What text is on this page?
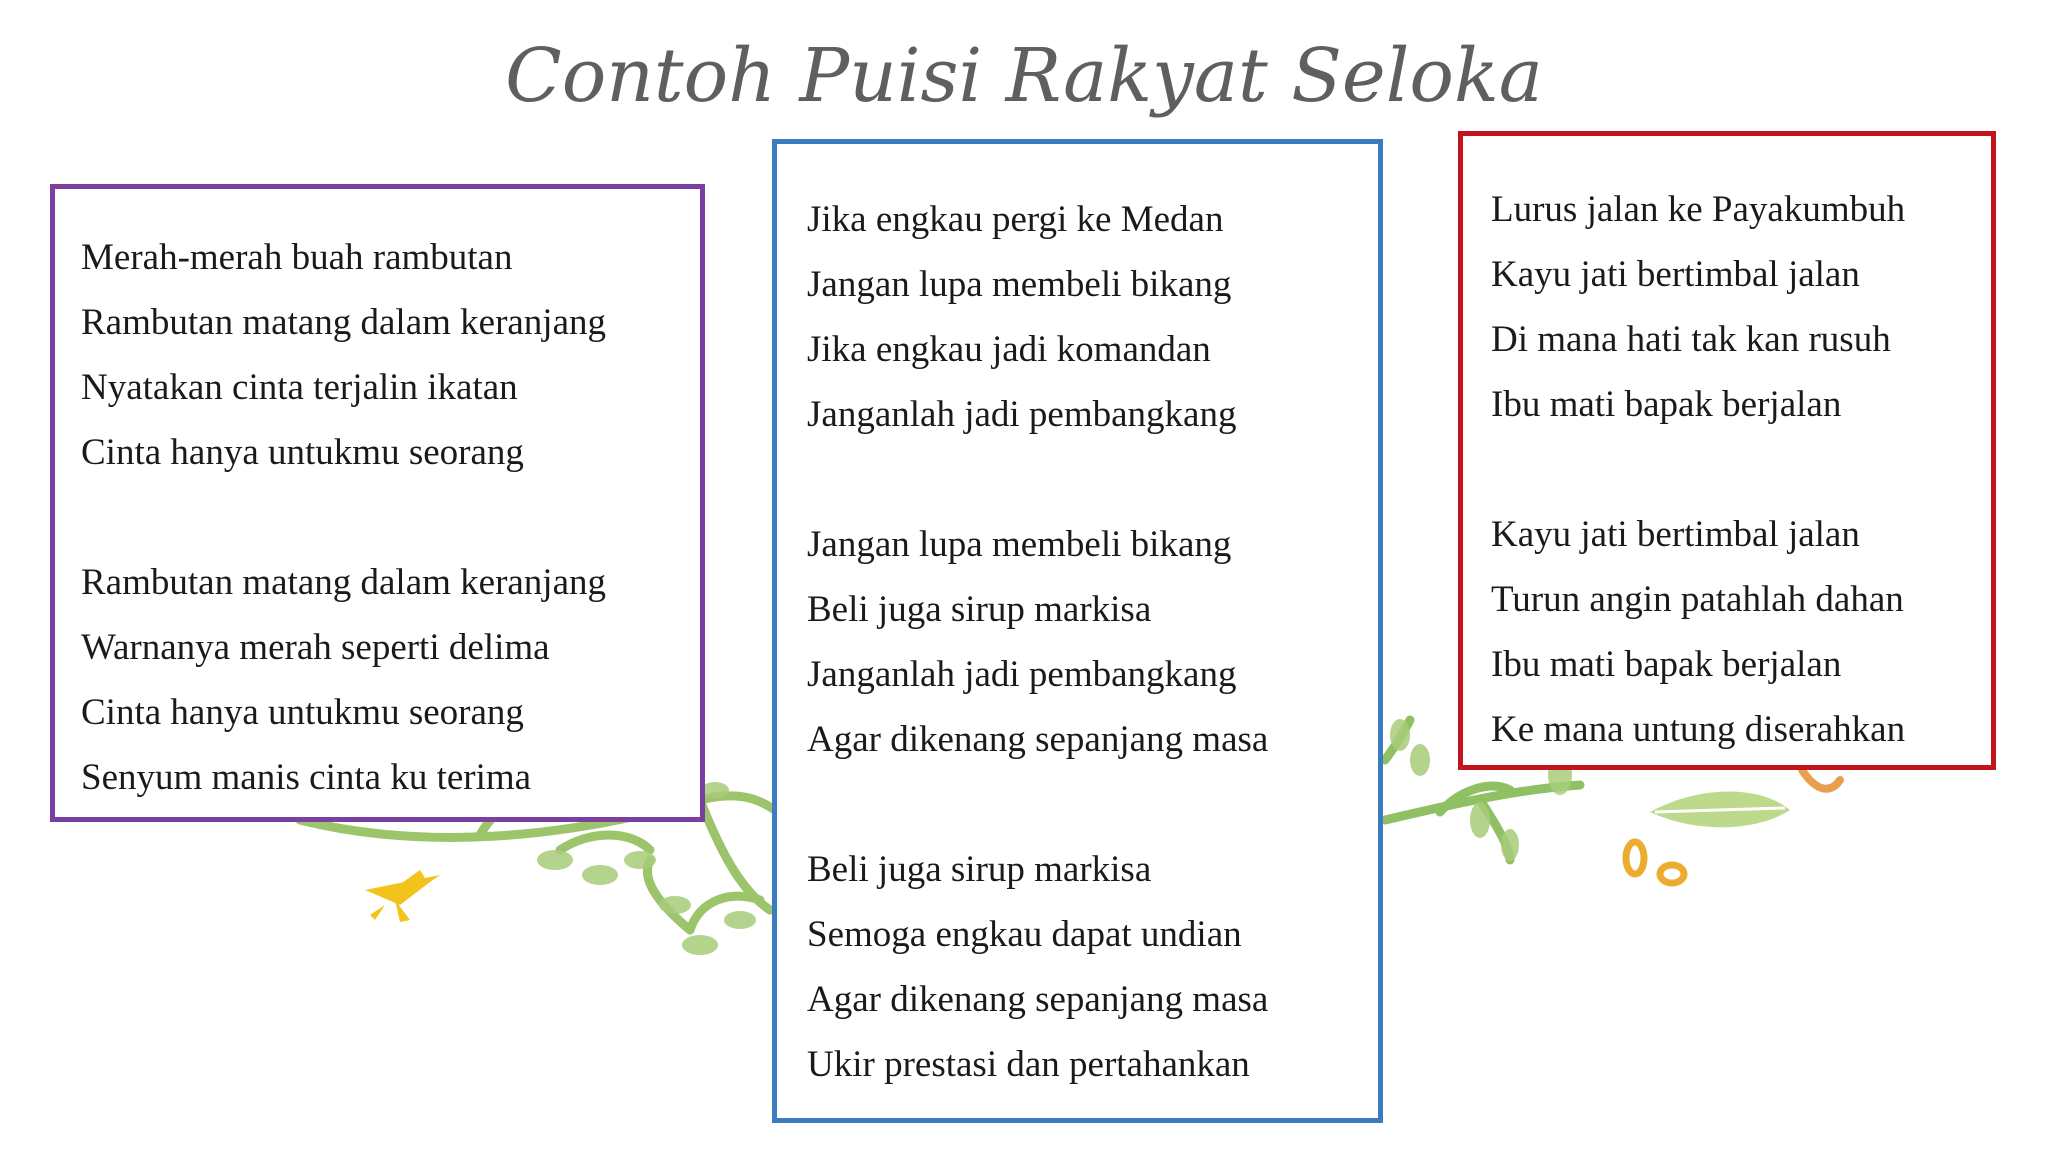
Contoh Puisi Rakyat Seloka
Merah-merah buah rambutan
Rambutan matang dalam keranjang
Nyatakan cinta terjalin ikatan
Cinta hanya untukmu seorang
Rambutan matang dalam keranjang
Warnanya merah seperti delima
Cinta hanya untukmu seorang
Senyum manis cinta ku terima
Jika engkau pergi ke Medan
Jangan lupa membeli bikang
Jika engkau jadi komandan
Janganlah jadi pembangkang
Jangan lupa membeli bikang
Beli juga sirup markisa
Janganlah jadi pembangkang
Agar dikenang sepanjang masa
Beli juga sirup markisa
Semoga engkau dapat undian
Agar dikenang sepanjang masa
Ukir prestasi dan pertahankan
Lurus jalan ke Payakumbuh
Kayu jati bertimbal jalan
Di mana hati tak kan rusuh
Ibu mati bapak berjalan
Kayu jati bertimbal jalan
Turun angin patahlah dahan
Ibu mati bapak berjalan
Ke mana untung diserahkan
